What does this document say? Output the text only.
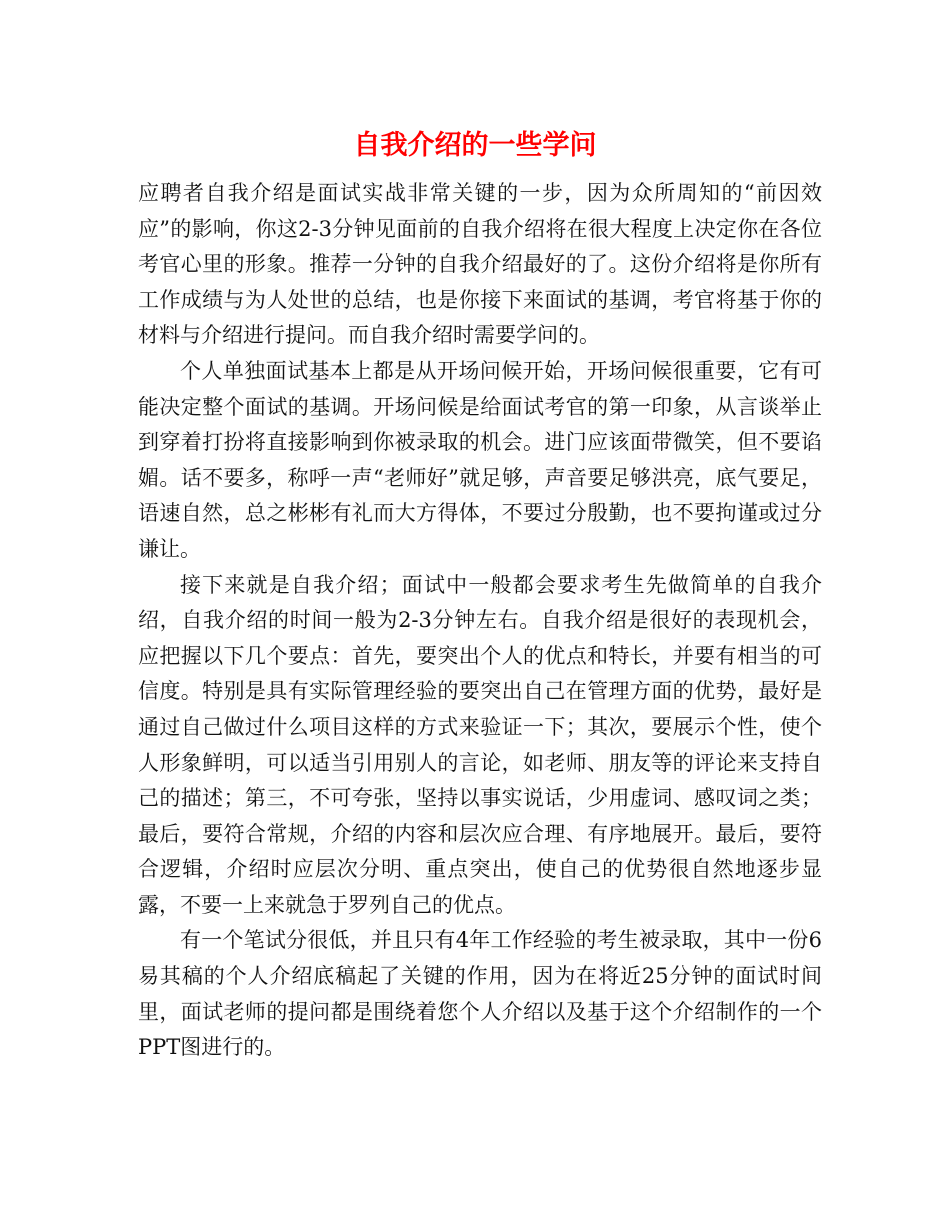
自我介绍的一些学问

应聘者自我介绍是面试实战非常关键的一步，因为众所周知的“前因效应”的影响，你这2-3分钟见面前的自我介绍将在很大程度上决定你在各位考官心里的形象。推荐一分钟的自我介绍最好的了。这份介绍将是你所有工作成绩与为人处世的总结，也是你接下来面试的基调，考官将基于你的材料与介绍进行提问。而自我介绍时需要学问的。

个人单独面试基本上都是从开场问候开始，开场问候很重要，它有可能决定整个面试的基调。开场问候是给面试考官的第一印象，从言谈举止到穿着打扮将直接影响到你被录取的机会。进门应该面带微笑，但不要谄媚。话不要多，称呼一声“老师好”就足够，声音要足够洪亮，底气要足，语速自然，总之彬彬有礼而大方得体，不要过分殷勤，也不要拘谨或过分谦让。

接下来就是自我介绍；面试中一般都会要求考生先做简单的自我介绍，自我介绍的时间一般为2-3分钟左右。自我介绍是很好的表现机会，应把握以下几个要点：首先，要突出个人的优点和特长，并要有相当的可信度。特别是具有实际管理经验的要突出自己在管理方面的优势，最好是通过自己做过什么项目这样的方式来验证一下；其次，要展示个性，使个人形象鲜明，可以适当引用别人的言论，如老师、朋友等的评论来支持自己的描述；第三，不可夸张，坚持以事实说话，少用虚词、感叹词之类；最后，要符合常规，介绍的内容和层次应合理、有序地展开。最后，要符合逻辑，介绍时应层次分明、重点突出，使自己的优势很自然地逐步显露，不要一上来就急于罗列自己的优点。

有一个笔试分很低，并且只有4年工作经验的考生被录取，其中一份6易其稿的个人介绍底稿起了关键的作用，因为在将近25分钟的面试时间里，面试老师的提问都是围绕着您个人介绍以及基于这个介绍制作的一个PPT图进行的。
